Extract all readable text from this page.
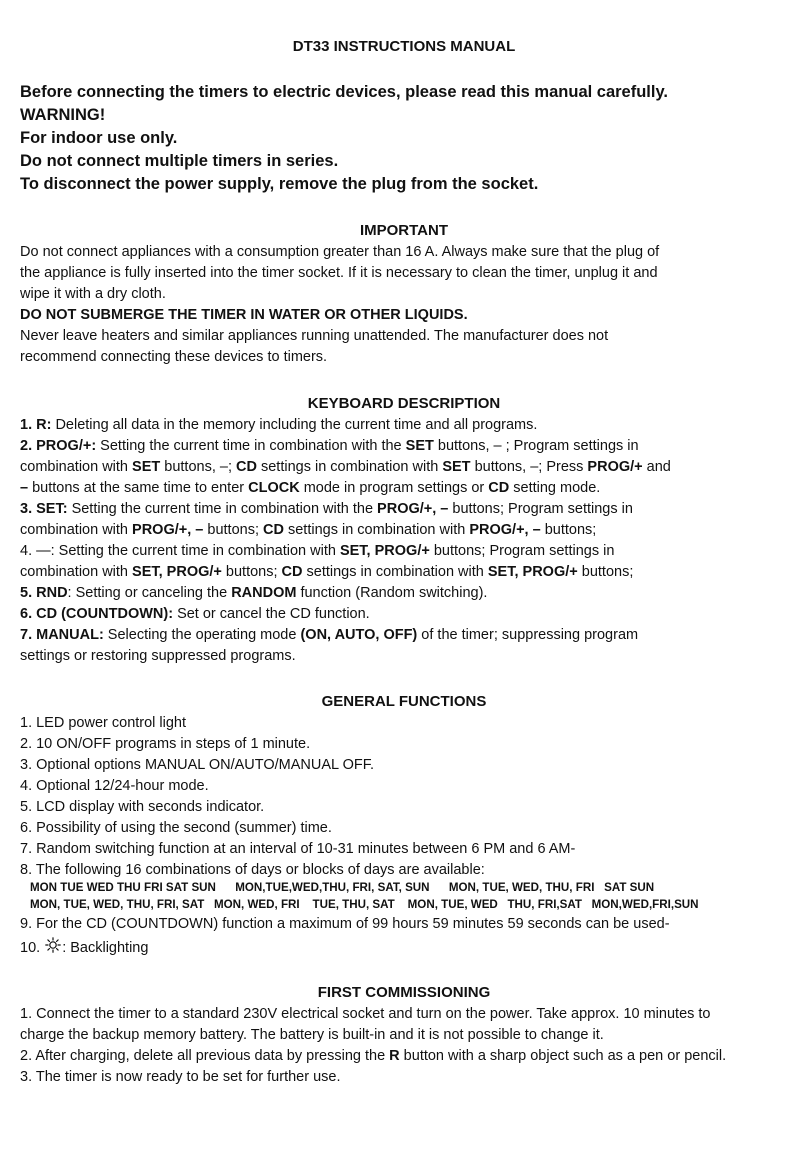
DT33 INSTRUCTIONS MANUAL
Before connecting the timers to electric devices, please read this manual carefully.
WARNING!
For indoor use only.
Do not connect multiple timers in series.
To disconnect the power supply, remove the plug from the socket.
IMPORTANT
Do not connect appliances with a consumption greater than 16 A. Always make sure that the plug of
the appliance is fully inserted into the timer socket. If it is necessary to clean the timer, unplug it and
wipe it with a dry cloth.
DO NOT SUBMERGE THE TIMER IN WATER OR OTHER LIQUIDS.
Never leave heaters and similar appliances running unattended. The manufacturer does not
recommend connecting these devices to timers.
KEYBOARD DESCRIPTION
1. R: Deleting all data in the memory including the current time and all programs.
2. PROG/+: Setting the current time in combination with the SET buttons, – ; Program settings in
combination with SET buttons, –; CD settings in combination with SET buttons, –; Press PROG/+ and
– buttons at the same time to enter CLOCK mode in program settings or CD setting mode.
3. SET: Setting the current time in combination with the PROG/+, – buttons; Program settings in
combination with PROG/+, – buttons; CD settings in combination with PROG/+, – buttons;
4. —: Setting the current time in combination with SET, PROG/+ buttons; Program settings in
combination with SET, PROG/+ buttons; CD settings in combination with SET, PROG/+ buttons;
5. RND: Setting or canceling the RANDOM function (Random switching).
6. CD (COUNTDOWN): Set or cancel the CD function.
7. MANUAL: Selecting the operating mode (ON, AUTO, OFF) of the timer; suppressing program
settings or restoring suppressed programs.
GENERAL FUNCTIONS
1. LED power control light
2. 10 ON/OFF programs in steps of 1 minute.
3. Optional options MANUAL ON/AUTO/MANUAL OFF.
4. Optional 12/24-hour mode.
5. LCD display with seconds indicator.
6. Possibility of using the second (summer) time.
7. Random switching function at an interval of 10-31 minutes between 6 PM and 6 AM-
8. The following 16 combinations of days or blocks of days are available:
MON TUE WED THU FRI SAT SUN      MON,TUE,WED,THU, FRI, SAT, SUN      MON, TUE, WED, THU, FRI   SAT SUN
MON, TUE, WED, THU, FRI, SAT   MON, WED, FRI    TUE, THU, SAT    MON, TUE, WED   THU, FRI,SAT   MON,WED,FRI,SUN
9. For the CD (COUNTDOWN) function a maximum of 99 hours 59 minutes 59 seconds can be used-
10. : Backlighting
FIRST COMMISSIONING
1. Connect the timer to a standard 230V electrical socket and turn on the power. Take approx. 10 minutes to
charge the backup memory battery. The battery is built-in and it is not possible to change it.
2. After charging, delete all previous data by pressing the R button with a sharp object such as a pen or pencil.
3. The timer is now ready to be set for further use.
